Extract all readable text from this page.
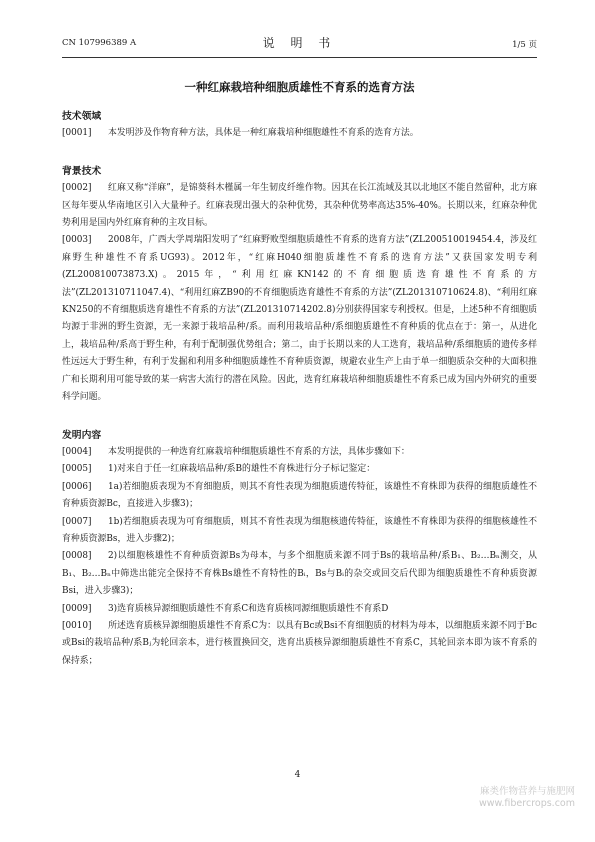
CN 107996389 A	说 明 书	1/5 页
一种红麻栽培种细胞质雄性不育系的选育方法

技术领域

[0001] 本发明涉及作物育种方法，具体是一种红麻栽培种细胞雄性不育系的选育方法。

背景技术

[0002] 红麻又称“洋麻”，是锦葵科木槿属一年生韧皮纤维作物。因其在长江流域及其以北地区不能自然留种，北方麻区每年要从华南地区引入大量种子。红麻表现出强大的杂种优势，其杂种优势率高达35%-40%。长期以来，红麻杂种优势利用是国内外红麻育种的主攻目标。

[0003] 2008年，广西大学周瑞阳发明了“红麻野败型细胞质雄性不育系的选育方法”(ZL200510019454.4，涉及红麻野生种雄性不育系UG93)。2012年，“红麻H040细胞质雄性不育系的选育方法”又获国家发明专利(ZL200810073873.X)。2015年，“利用红麻KN142的不育细胞质选育雄性不育系的方法”(ZL201310711047.4)、“利用红麻ZB90的不育细胞质选育雄性不育系的方法”(ZL201310710624.8)、“利用红麻KN250的不育细胞质选育雄性不育系的方法”(ZL201310714202.8)分别获得国家专利授权。但是，上述5种不育细胞质均源于非洲的野生资源，无一来源于栽培品种/系。而利用栽培品种/系细胞质雄性不育种质的优点在于：第一，从进化上，栽培品种/系高于野生种，有利于配制强优势组合；第二，由于长期以来的人工选育，栽培品种/系细胞质的遗传多样性远远大于野生种，有利于发掘和利用多种细胞质雄性不育种质资源，规避农业生产上由于单一细胞质杂交种的大面积推广和长期利用可能导致的某一病害大流行的潜在风险。因此，选育红麻栽培种细胞质雄性不育系已成为国内外研究的重要科学问题。

发明内容

[0004] 本发明提供的一种选育红麻栽培种细胞质雄性不育系的方法，具体步骤如下：

[0005] 1)对来自于任一红麻栽培品种/系B的雄性不育株进行分子标记鉴定：

[0006] 1a)若细胞质表现为不育细胞质，则其不育性表现为细胞质遗传特征，该雄性不育株即为获得的细胞质雄性不育种质资源Bc，直接进入步骤3)；

[0007] 1b)若细胞质表现为可育细胞质，则其不育性表现为细胞核遗传特征，该雄性不育株即为获得的细胞核雄性不育种质资源Bs，进入步骤2)；

[0008] 2)以细胞核雄性不育种质资源Bs为母本，与多个细胞质来源不同于Bs的栽培品种/系B₁、B₂…Bₙ测交，从B₁、B₂…Bₙ中筛选出能完全保持不育株Bs雄性不育特性的Bᵢ，Bs与Bᵢ的杂交或回交后代即为细胞质雄性不育种质资源Bsi，进入步骤3)；

[0009] 3)选育质核异源细胞质雄性不育系C和选育质核同源细胞质雄性不育系D

[0010] 所述选育质核异源细胞质雄性不育系C为：以具有Bc或Bsi不育细胞质的材料为母本，以细胞质来源不同于Bc或Bsi的栽培品种/系Bⱼ为轮回亲本，进行核置换回交，选育出质核异源细胞质雄性不育系C，其轮回亲本即为该不育系的保持系；

4
麻类作物营养与施肥网
www.fibercrops.com
